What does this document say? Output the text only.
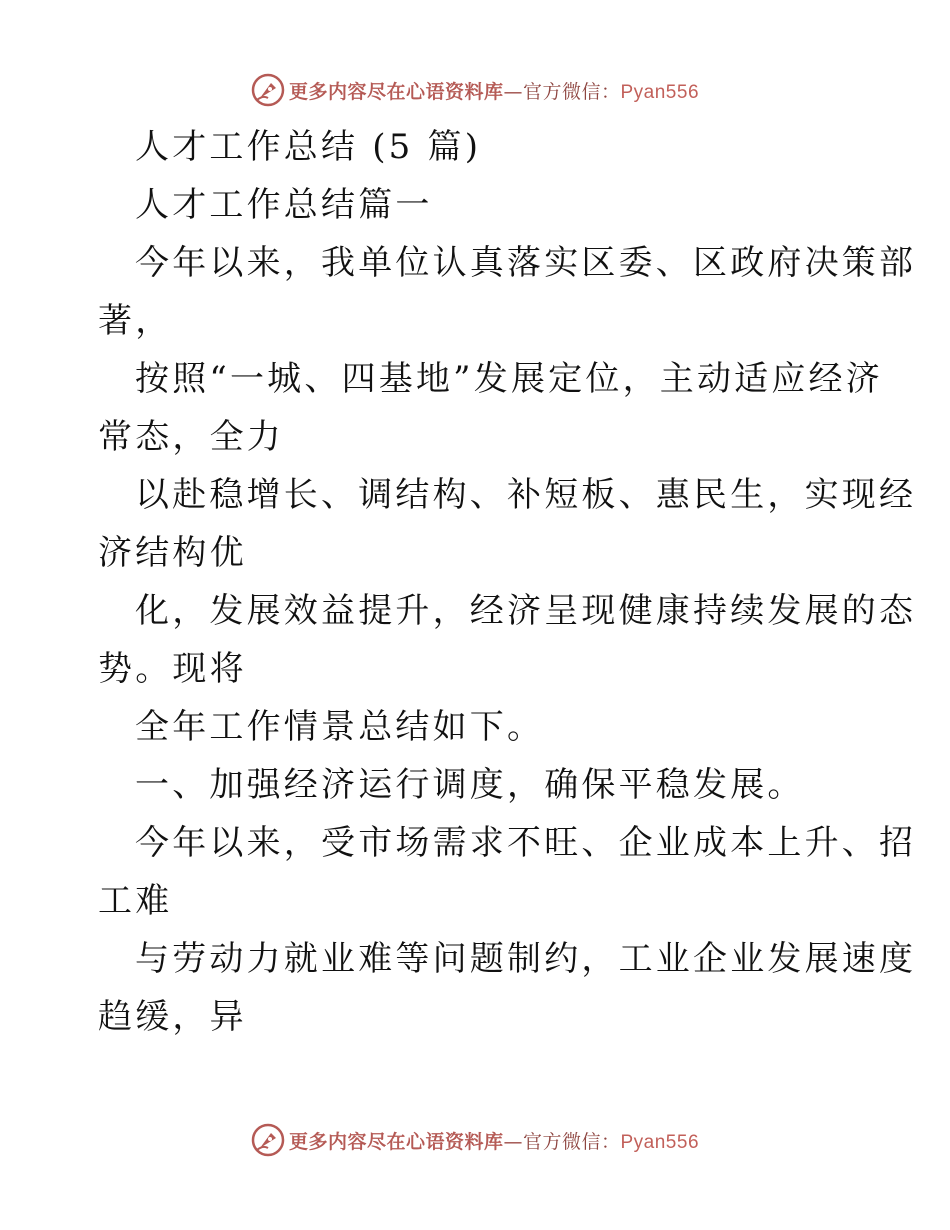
更多内容尽在心语资料库—官方微信：Pyan556
人才工作总结 (5 篇)
人才工作总结篇一
今年以来，我单位认真落实区委、区政府决策部
著，
按照“一城、四基地”发展定位，主动适应经济
常态，全力
以赴稳增长、调结构、补短板、惠民生，实现经
济结构优
化，发展效益提升，经济呈现健康持续发展的态
势。现将
全年工作情景总结如下。
一、加强经济运行调度，确保平稳发展。
今年以来，受市场需求不旺、企业成本上升、招
工难
与劳动力就业难等问题制约，工业企业发展速度
趋缓，异
更多内容尽在心语资料库—官方微信：Pyan556
